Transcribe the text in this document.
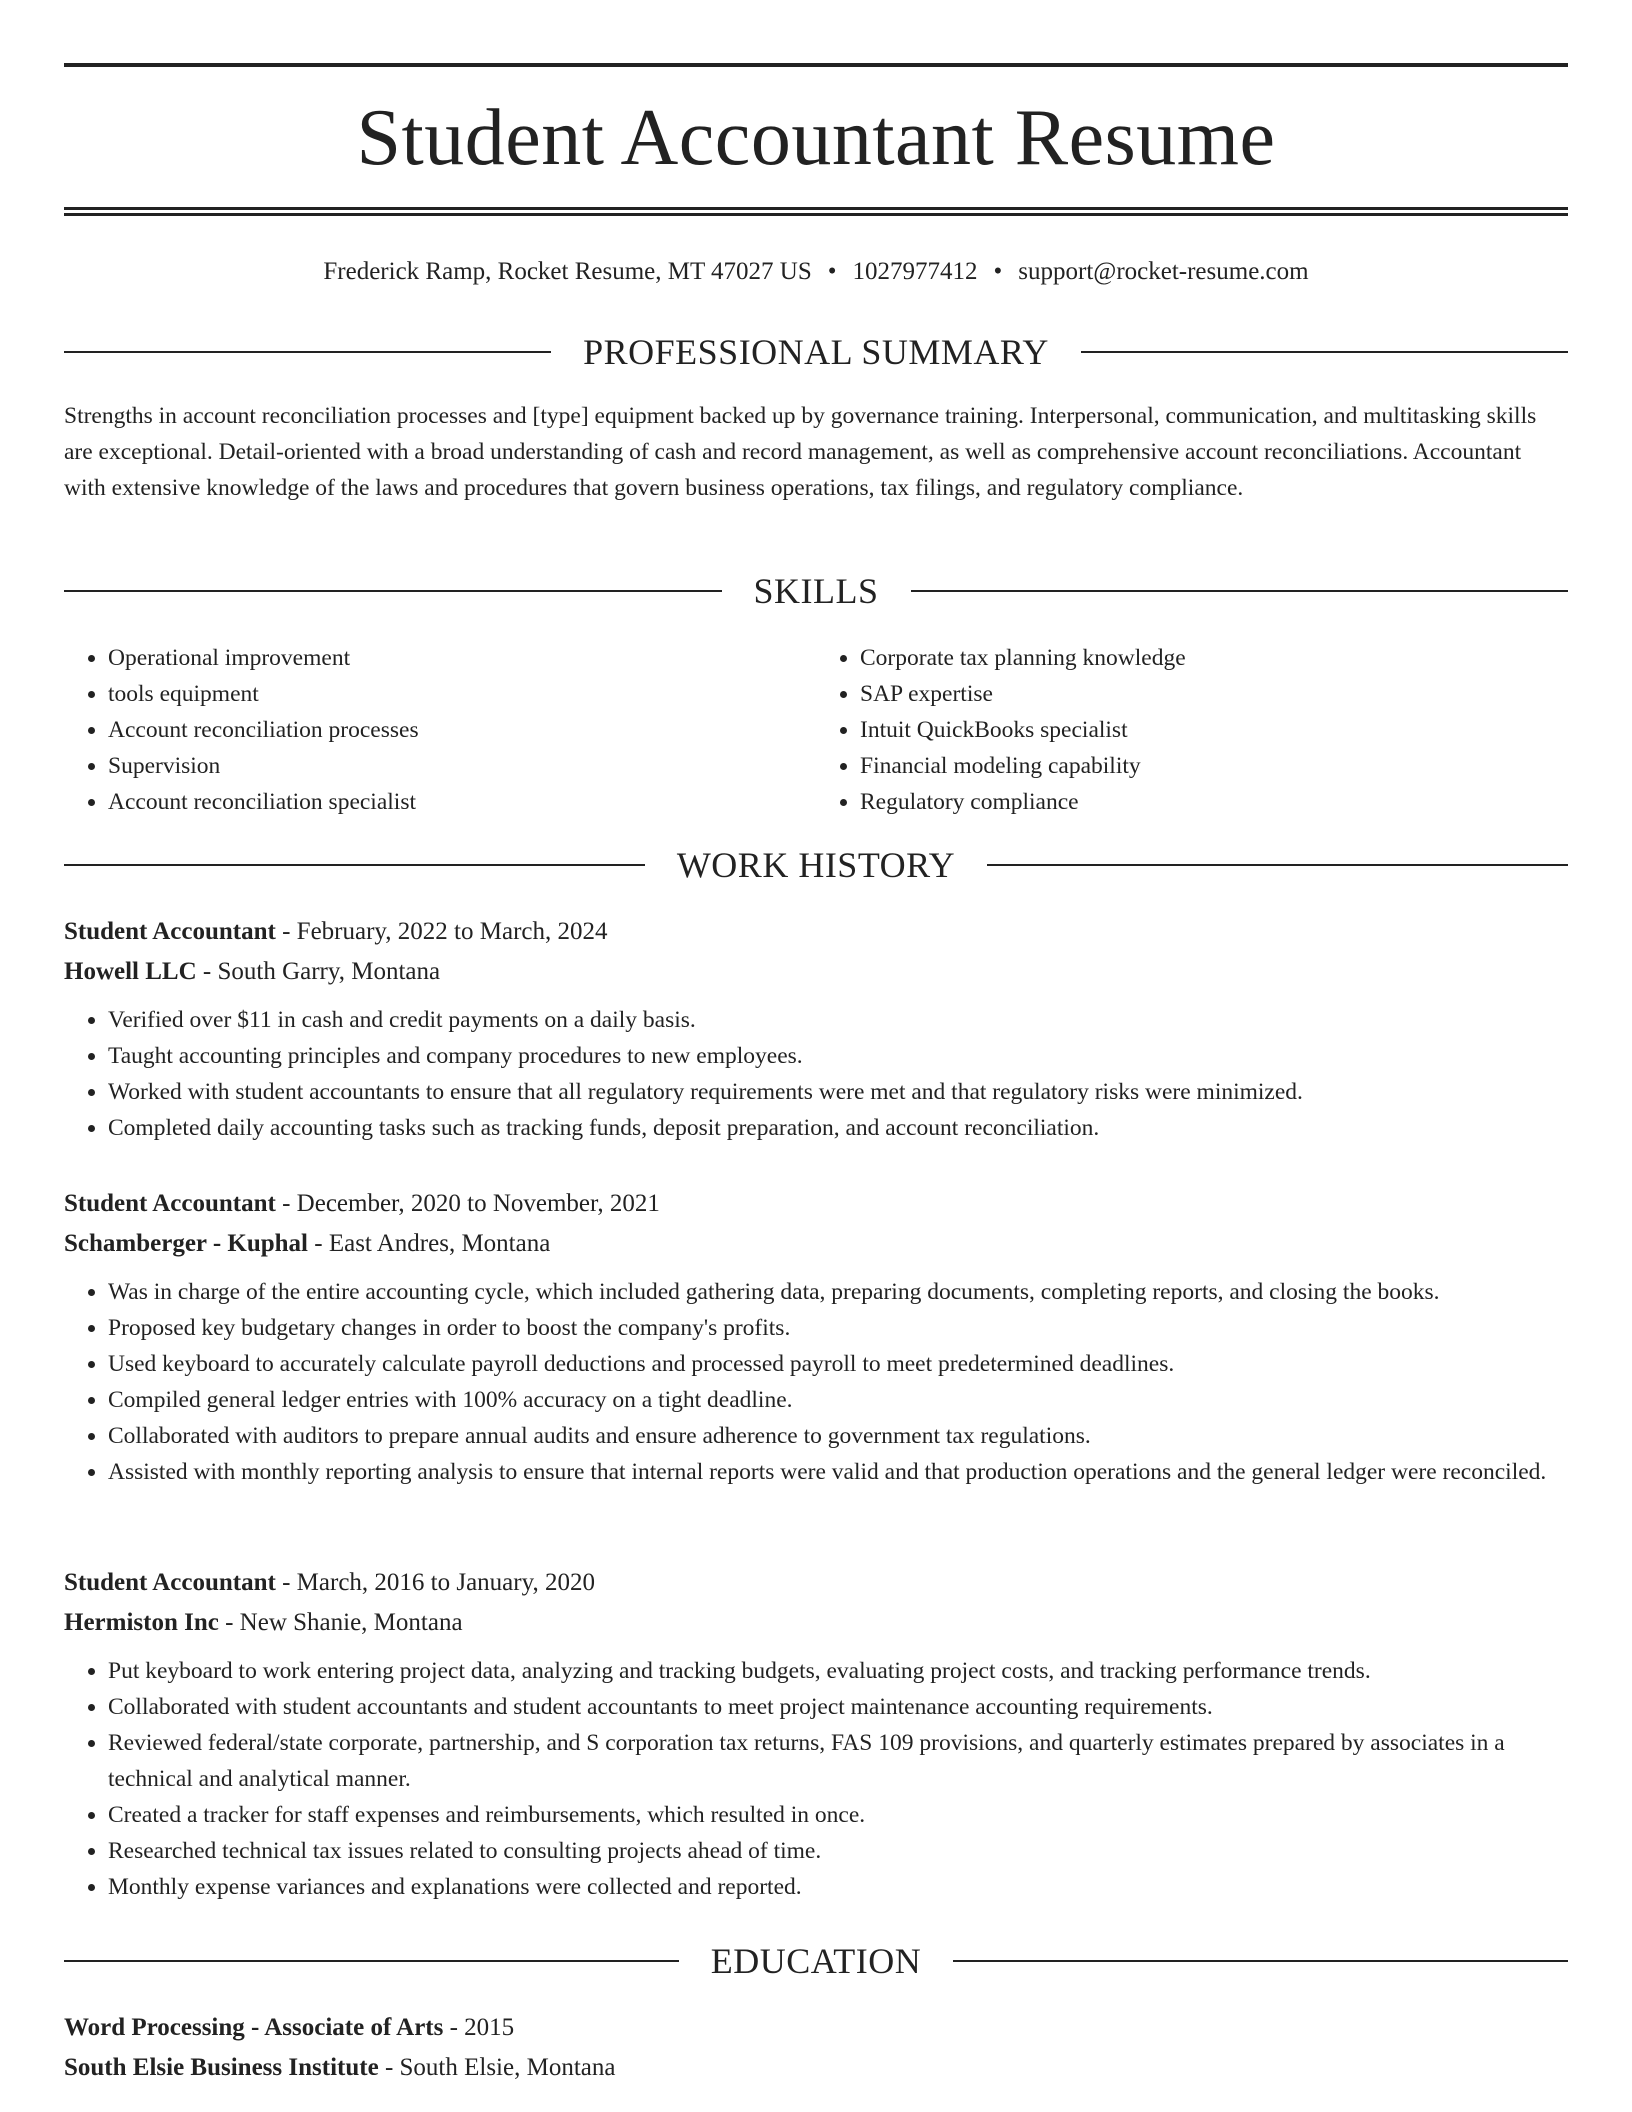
Student Accountant Resume
Frederick Ramp, Rocket Resume, MT 47027 US • 1027977412 • support@rocket-resume.com
PROFESSIONAL SUMMARY

Strengths in account reconciliation processes and [type] equipment backed up by governance training. Interpersonal, communication, and multitasking skills are exceptional. Detail-oriented with a broad understanding of cash and record management, as well as comprehensive account reconciliations. Accountant with extensive knowledge of the laws and procedures that govern business operations, tax filings, and regulatory compliance.

SKILLS
• Operational improvement
• tools equipment
• Account reconciliation processes
• Supervision
• Account reconciliation specialist
• Corporate tax planning knowledge
• SAP expertise
• Intuit QuickBooks specialist
• Financial modeling capability
• Regulatory compliance
WORK HISTORY
Student Accountant - February, 2022 to March, 2024
Howell LLC - South Garry, Montana
• Verified over $11 in cash and credit payments on a daily basis.
• Taught accounting principles and company procedures to new employees.
• Worked with student accountants to ensure that all regulatory requirements were met and that regulatory risks were minimized.
• Completed daily accounting tasks such as tracking funds, deposit preparation, and account reconciliation.
Student Accountant - December, 2020 to November, 2021
Schamberger - Kuphal - East Andres, Montana
• Was in charge of the entire accounting cycle, which included gathering data, preparing documents, completing reports, and closing the books.
• Proposed key budgetary changes in order to boost the company's profits.
• Used keyboard to accurately calculate payroll deductions and processed payroll to meet predetermined deadlines.
• Compiled general ledger entries with 100% accuracy on a tight deadline.
• Collaborated with auditors to prepare annual audits and ensure adherence to government tax regulations.
• Assisted with monthly reporting analysis to ensure that internal reports were valid and that production operations and the general ledger were reconciled.
Student Accountant - March, 2016 to January, 2020
Hermiston Inc - New Shanie, Montana
• Put keyboard to work entering project data, analyzing and tracking budgets, evaluating project costs, and tracking performance trends.
• Collaborated with student accountants and student accountants to meet project maintenance accounting requirements.
• Reviewed federal/state corporate, partnership, and S corporation tax returns, FAS 109 provisions, and quarterly estimates prepared by associates in a technical and analytical manner.
• Created a tracker for staff expenses and reimbursements, which resulted in once.
• Researched technical tax issues related to consulting projects ahead of time.
• Monthly expense variances and explanations were collected and reported.
EDUCATION
Word Processing - Associate of Arts - 2015
South Elsie Business Institute - South Elsie, Montana
